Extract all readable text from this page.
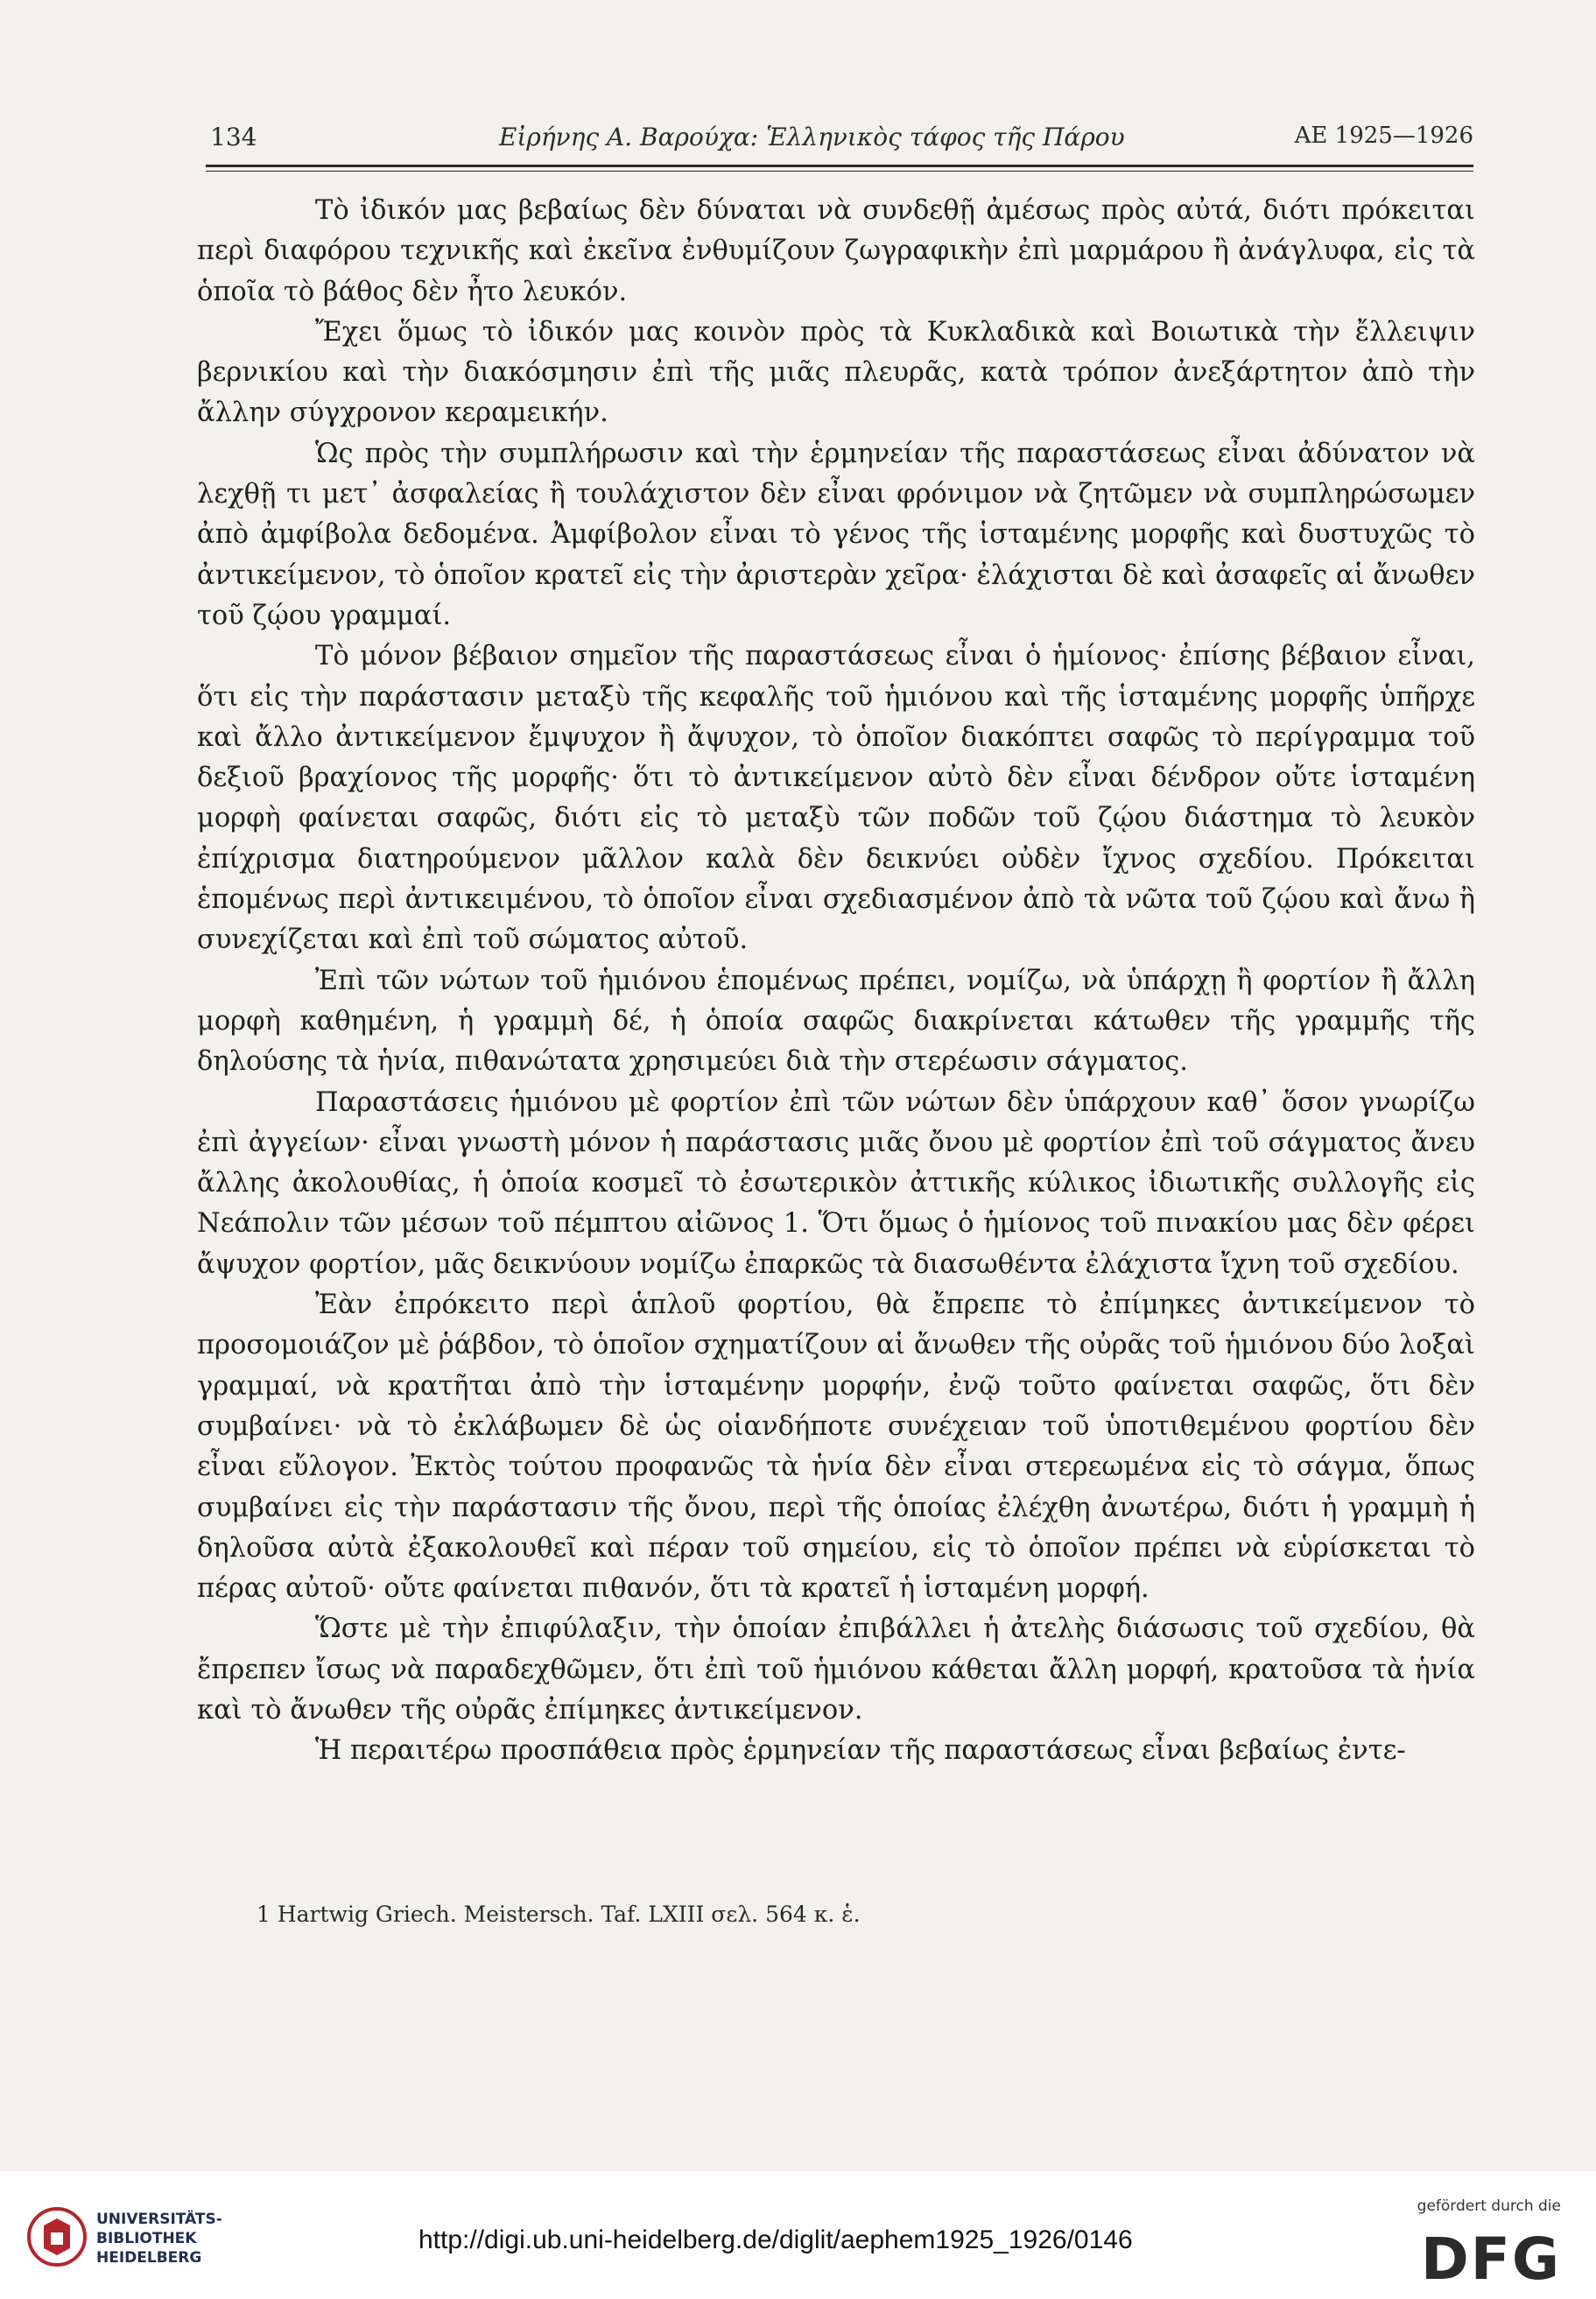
134	Εἰρήνης Α. Βαρούχα: Ἑλληνικὸς τάφος τῆς Πάρου	ΑΕ 1925—1926

Τὸ ἰδικόν μας βεβαίως δὲν δύναται νὰ συνδεθῇ ἀμέσως πρὸς αὐτά, διότι πρόκειται περὶ διαφόρου τεχνικῆς καὶ ἐκεῖνα ἐνθυμίζουν ζωγραφικὴν ἐπὶ μαρμάρου ἢ ἀνάγλυφα, εἰς τὰ ὁποῖα τὸ βάθος δὲν ἦτο λευκόν.

Ἔχει ὅμως τὸ ἰδικόν μας κοινὸν πρὸς τὰ Κυκλαδικὰ καὶ Βοιωτικὰ τὴν ἔλλειψιν βερνικίου καὶ τὴν διακόσμησιν ἐπὶ τῆς μιᾶς πλευρᾶς, κατὰ τρόπον ἀνεξάρτητον ἀπὸ τὴν ἄλλην σύγχρονον κεραμεικήν.

Ὡς πρὸς τὴν συμπλήρωσιν καὶ τὴν ἑρμηνείαν τῆς παραστάσεως εἶναι ἀδύνατον νὰ λεχθῇ τι μετ᾽ ἀσφαλείας ἢ τουλάχιστον δὲν εἶναι φρόνιμον νὰ ζητῶμεν νὰ συμπληρώσωμεν ἀπὸ ἀμφίβολα δεδομένα. Ἀμφίβολον εἶναι τὸ γένος τῆς ἱσταμένης μορφῆς καὶ δυστυχῶς τὸ ἀντικείμενον, τὸ ὁποῖον κρατεῖ εἰς τὴν ἀριστερὰν χεῖρα· ἐλάχισται δὲ καὶ ἀσαφεῖς αἱ ἄνωθεν τοῦ ζῴου γραμμαί.

Τὸ μόνον βέβαιον σημεῖον τῆς παραστάσεως εἶναι ὁ ἡμίονος· ἐπίσης βέβαιον εἶναι, ὅτι εἰς τὴν παράστασιν μεταξὺ τῆς κεφαλῆς τοῦ ἡμιόνου καὶ τῆς ἱσταμένης μορφῆς ὑπῆρχε καὶ ἄλλο ἀντικείμενον ἔμψυχον ἢ ἄψυχον, τὸ ὁποῖον διακόπτει σαφῶς τὸ περίγραμμα τοῦ δεξιοῦ βραχίονος τῆς μορφῆς· ὅτι τὸ ἀντικείμενον αὐτὸ δὲν εἶναι δένδρον οὔτε ἱσταμένη μορφὴ φαίνεται σαφῶς, διότι εἰς τὸ μεταξὺ τῶν ποδῶν τοῦ ζῴου διάστημα τὸ λευκὸν ἐπίχρισμα διατηρούμενον μᾶλλον καλὰ δὲν δεικνύει οὐδὲν ἴχνος σχεδίου. Πρόκειται ἑπομένως περὶ ἀντικειμένου, τὸ ὁποῖον εἶναι σχεδιασμένον ἀπὸ τὰ νῶτα τοῦ ζῴου καὶ ἄνω ἢ συνεχίζεται καὶ ἐπὶ τοῦ σώματος αὐτοῦ.

Ἐπὶ τῶν νώτων τοῦ ἡμιόνου ἑπομένως πρέπει, νομίζω, νὰ ὑπάρχῃ ἢ φορτίον ἢ ἄλλη μορφὴ καθημένη, ἡ γραμμὴ δέ, ἡ ὁποία σαφῶς διακρίνεται κάτωθεν τῆς γραμμῆς τῆς δηλούσης τὰ ἡνία, πιθανώτατα χρησιμεύει διὰ τὴν στερέωσιν σάγματος.

Παραστάσεις ἡμιόνου μὲ φορτίον ἐπὶ τῶν νώτων δὲν ὑπάρχουν καθ᾽ ὅσον γνωρίζω ἐπὶ ἀγγείων· εἶναι γνωστὴ μόνον ἡ παράστασις μιᾶς ὄνου μὲ φορτίον ἐπὶ τοῦ σάγματος ἄνευ ἄλλης ἀκολουθίας, ἡ ὁποία κοσμεῖ τὸ ἐσωτερικὸν ἀττικῆς κύλικος ἰδιωτικῆς συλλογῆς εἰς Νεάπολιν τῶν μέσων τοῦ πέμπτου αἰῶνος 1. Ὅτι ὅμως ὁ ἡμίονος τοῦ πινακίου μας δὲν φέρει ἄψυχον φορτίον, μᾶς δεικνύουν νομίζω ἐπαρκῶς τὰ διασωθέντα ἐλάχιστα ἴχνη τοῦ σχεδίου.

Ἐὰν ἐπρόκειτο περὶ ἁπλοῦ φορτίου, θὰ ἔπρεπε τὸ ἐπίμηκες ἀντικείμενον τὸ προσομοιάζον μὲ ῥάβδον, τὸ ὁποῖον σχηματίζουν αἱ ἄνωθεν τῆς οὐρᾶς τοῦ ἡμιόνου δύο λοξαὶ γραμμαί, νὰ κρατῆται ἀπὸ τὴν ἱσταμένην μορφήν, ἐνῷ τοῦτο φαίνεται σαφῶς, ὅτι δὲν συμβαίνει· νὰ τὸ ἐκλάβωμεν δὲ ὡς οἱανδήποτε συνέχειαν τοῦ ὑποτιθεμένου φορτίου δὲν εἶναι εὔλογον. Ἐκτὸς τούτου προφανῶς τὰ ἡνία δὲν εἶναι στερεωμένα εἰς τὸ σάγμα, ὅπως συμβαίνει εἰς τὴν παράστασιν τῆς ὄνου, περὶ τῆς ὁποίας ἐλέχθη ἀνωτέρω, διότι ἡ γραμμὴ ἡ δηλοῦσα αὐτὰ ἐξακολουθεῖ καὶ πέραν τοῦ σημείου, εἰς τὸ ὁποῖον πρέπει νὰ εὑρίσκεται τὸ πέρας αὐτοῦ· οὔτε φαίνεται πιθανόν, ὅτι τὰ κρατεῖ ἡ ἱσταμένη μορφή.

Ὥστε μὲ τὴν ἐπιφύλαξιν, τὴν ὁποίαν ἐπιβάλλει ἡ ἀτελὴς διάσωσις τοῦ σχεδίου, θὰ ἔπρεπεν ἴσως νὰ παραδεχθῶμεν, ὅτι ἐπὶ τοῦ ἡμιόνου κάθεται ἄλλη μορφή, κρατοῦσα τὰ ἡνία καὶ τὸ ἄνωθεν τῆς οὐρᾶς ἐπίμηκες ἀντικείμενον.

Ἡ περαιτέρω προσπάθεια πρὸς ἑρμηνείαν τῆς παραστάσεως εἶναι βεβαίως ἐντε-

1 Hartwig Griech. Meistersch. Taf. LXIII σελ. 564 κ. ἑ.
UNIVERSITÄTS-
BIBLIOTHEK
HEIDELBERG
http://digi.ub.uni-heidelberg.de/diglit/aephem1925_1926/0146
gefördert durch die
DFG
